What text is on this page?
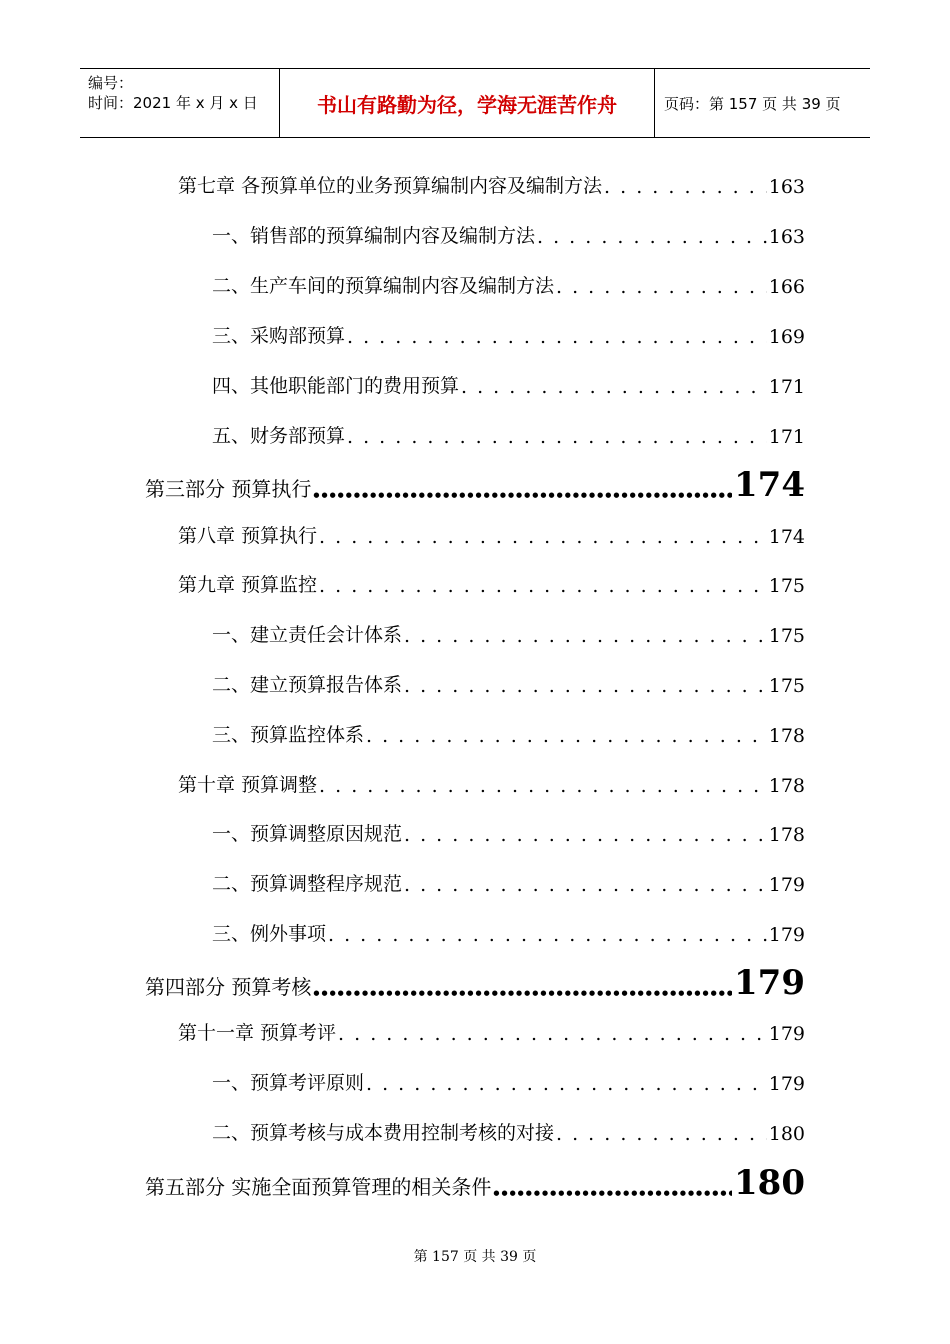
编号：
时间：2021 年 x 月 x 日	书山有路勤为径，学海无涯苦作舟	页码：第 157 页 共 39 页
第七章 各预算单位的业务预算编制内容及编制方法 . . .	163
一、销售部的预算编制内容及编制方法 . . .	163
二、生产车间的预算编制内容及编制方法 . . .	166
三、采购部预算 . . .	169
四、其他职能部门的费用预算 . . .	171
五、财务部预算 . . .	171
第三部分 预算执行 ●●●●●●●●●●●●●●●●●●●●●●●●●●●●●●●●●●●●●●●●●●●●●●●●●●●●●●●●●●●●●●●●●●●●●●●●●●●●	174
第八章 预算执行 . . .	174
第九章 预算监控 . . .	175
一、建立责任会计体系 . . .	175
二、建立预算报告体系 . . .	175
三、预算监控体系 . . .	178
第十章 预算调整 . . .	178
一、预算调整原因规范 . . .	178
二、预算调整程序规范 . . .	179
三、例外事项 . . .	179
第四部分 预算考核 ●●●●●●●●●●●●●●●●●●●●●●●●●●●●●●●●●●●●●●●●●●●●●●●●●●●●●●●●●●●●●●●●●●●●●●●●●●●●	179
第十一章 预算考评 . . .	179
一、预算考评原则 . . .	179
二、预算考核与成本费用控制考核的对接 . . .	180
第五部分 实施全面预算管理的相关条件 ●●●●●●●●●●●●●●●●●●●●●●●●●●●●●●●●●●●●●●●●●●●●●●●●●●●●●●●●●●●●●●●●●●●●●●●●●●●●	180
第 157 页 共 39 页
